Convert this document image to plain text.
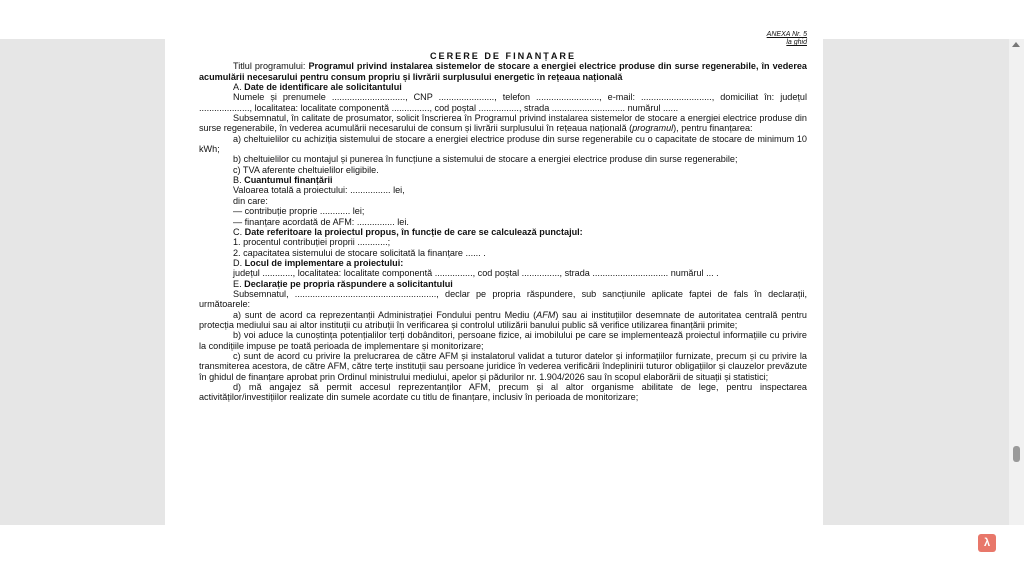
ANEXA Nr. 5
la ghid
CERERE DE FINANȚARE
Titlul programului: Programul privind instalarea sistemelor de stocare a energiei electrice produse din surse regenerabile, în vederea acumulării necesarului pentru consum propriu și livrării surplusului energetic în rețeaua națională
A. Date de identificare ale solicitantului
Numele și prenumele ............................., CNP ......................, telefon ........................., e-mail: ............................, domiciliat în: județul ...................., localitatea: localitate componentă ..............., cod poștal ................, strada ............................. numărul ......
Subsemnatul, în calitate de prosumator, solicit înscrierea în Programul privind instalarea sistemelor de stocare a energiei electrice produse din surse regenerabile, în vederea acumulării necesarului de consum și livrării surplusului în rețeaua națională (programul), pentru finanțarea:
a) cheltuielilor cu achiziția sistemului de stocare a energiei electrice produse din surse regenerabile cu o capacitate de stocare de minimum 10 kWh;
b) cheltuielilor cu montajul și punerea în funcțiune a sistemului de stocare a energiei electrice produse din surse regenerabile;
c) TVA aferente cheltuielilor eligibile.
B. Cuantumul finanțării
Valoarea totală a proiectului: ................ lei,
din care:
— contribuție proprie ............ lei;
— finanțare acordată de AFM: ............... lei.
C. Date referitoare la proiectul propus, în funcție de care se calculează punctajul:
1. procentul contribuției proprii ............;
2. capacitatea sistemului de stocare solicitată la finanțare ...... .
D. Locul de implementare a proiectului:
județul ............, localitatea: localitate componentă ..............., cod poștal ..............., strada .............................. numărul ... .
E. Declarație pe propria răspundere a solicitantului
Subsemnatul, ........................................................, declar pe propria răspundere, sub sancțiunile aplicate faptei de fals în declarații, următoarele:
a) sunt de acord ca reprezentanții Administrației Fondului pentru Mediu (AFM) sau ai instituțiilor desemnate de autoritatea centrală pentru protecția mediului sau ai altor instituții cu atribuții în verificarea și controlul utilizării banului public să verifice utilizarea finanțării primite;
b) voi aduce la cunoștința potențialilor terți dobânditori, persoane fizice, ai imobilului pe care se implementează proiectul informațiile cu privire la condițiile impuse pe toată perioada de implementare și monitorizare;
c) sunt de acord cu privire la prelucrarea de către AFM și instalatorul validat a tuturor datelor și informațiilor furnizate, precum și cu privire la transmiterea acestora, de către AFM, către terțe instituții sau persoane juridice în vederea verificării îndeplinirii tuturor obligațiilor și clauzelor prevăzute în ghidul de finanțare aprobat prin Ordinul ministrului mediului, apelor și pădurilor nr. 1.904/2026 sau în scopul elaborării de situații și statistici;
d) mă angajez să permit accesul reprezentanților AFM, precum și al altor organisme abilitate de lege, pentru inspectarea activităților/investițiilor realizate din sumele acordate cu titlu de finanțare, inclusiv în perioada de monitorizare;
λ
